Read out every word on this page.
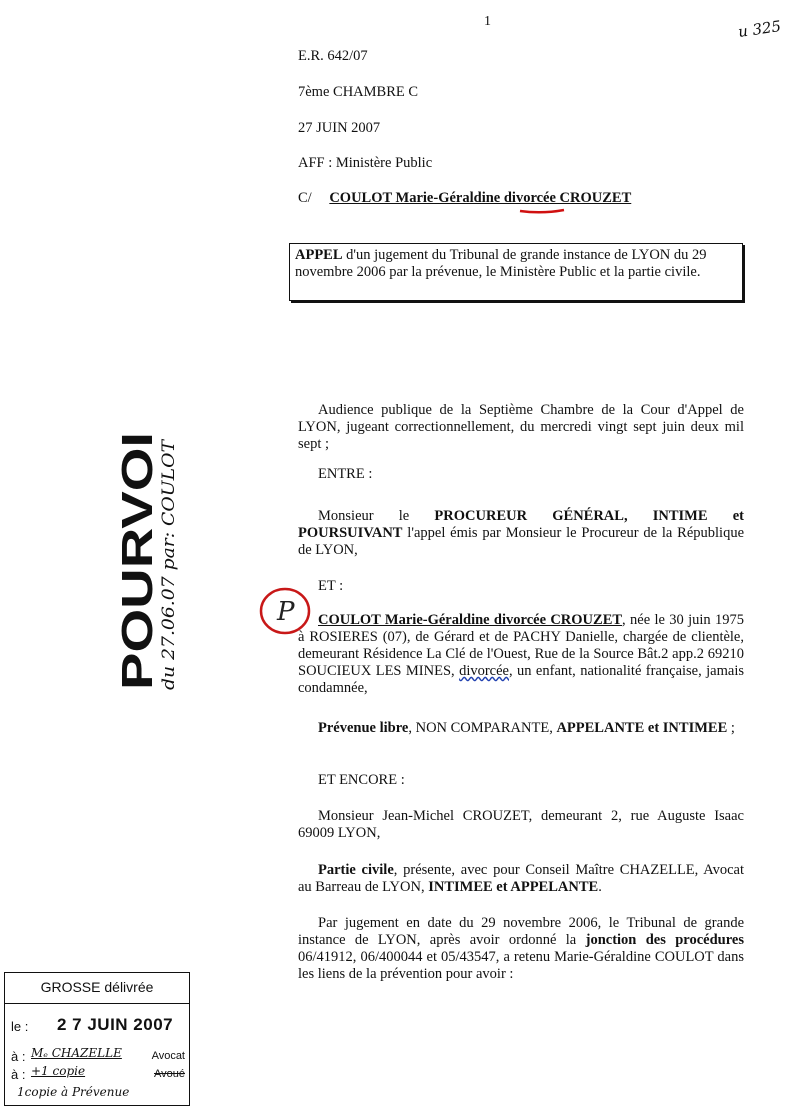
1	u 325
E.R. 642/07
7ème CHAMBRE C
27 JUIN 2007
AFF : Ministère Public
C/ COULOT Marie-Géraldine divorcée CROUZET
APPEL d'un jugement du Tribunal de grande instance de LYON du 29 novembre 2006 par la prévenue, le Ministère Public et la partie civile.
POURVOI
du 27.06.07 par: COULOT	P
Audience publique de la Septième Chambre de la Cour d'Appel de LYON, jugeant correctionnellement, du mercredi vingt sept juin deux mil sept ;
ENTRE :
Monsieur le PROCUREUR GÉNÉRAL, INTIME et POURSUIVANT l'appel émis par Monsieur le Procureur de la République de LYON,
ET :
COULOT Marie-Géraldine divorcée CROUZET, née le 30 juin 1975 à ROSIERES (07), de Gérard et de PACHY Danielle, chargée de clientèle, demeurant Résidence La Clé de l'Ouest, Rue de la Source Bât.2 app.2 69210 SOUCIEUX LES MINES, divorcée, un enfant, nationalité française, jamais condamnée,
Prévenue libre, NON COMPARANTE, APPELANTE et INTIMEE ;
ET ENCORE :
Monsieur Jean-Michel CROUZET, demeurant 2, rue Auguste Isaac 69009 LYON,
Partie civile, présente, avec pour Conseil Maître CHAZELLE, Avocat au Barreau de LYON, INTIMEE et APPELANTE.
Par jugement en date du 29 novembre 2006, le Tribunal de grande instance de LYON, après avoir ordonné la jonction des procédures 06/41912, 06/400044 et 05/43547, a retenu Marie-Géraldine COULOT dans les liens de la prévention pour avoir :
GROSSE délivrée
le : 2 7 JUIN 2007
à : Mₑ CHAZELLE	Avocat
à : +1 copie	Avoué
1copie à Prévenue
